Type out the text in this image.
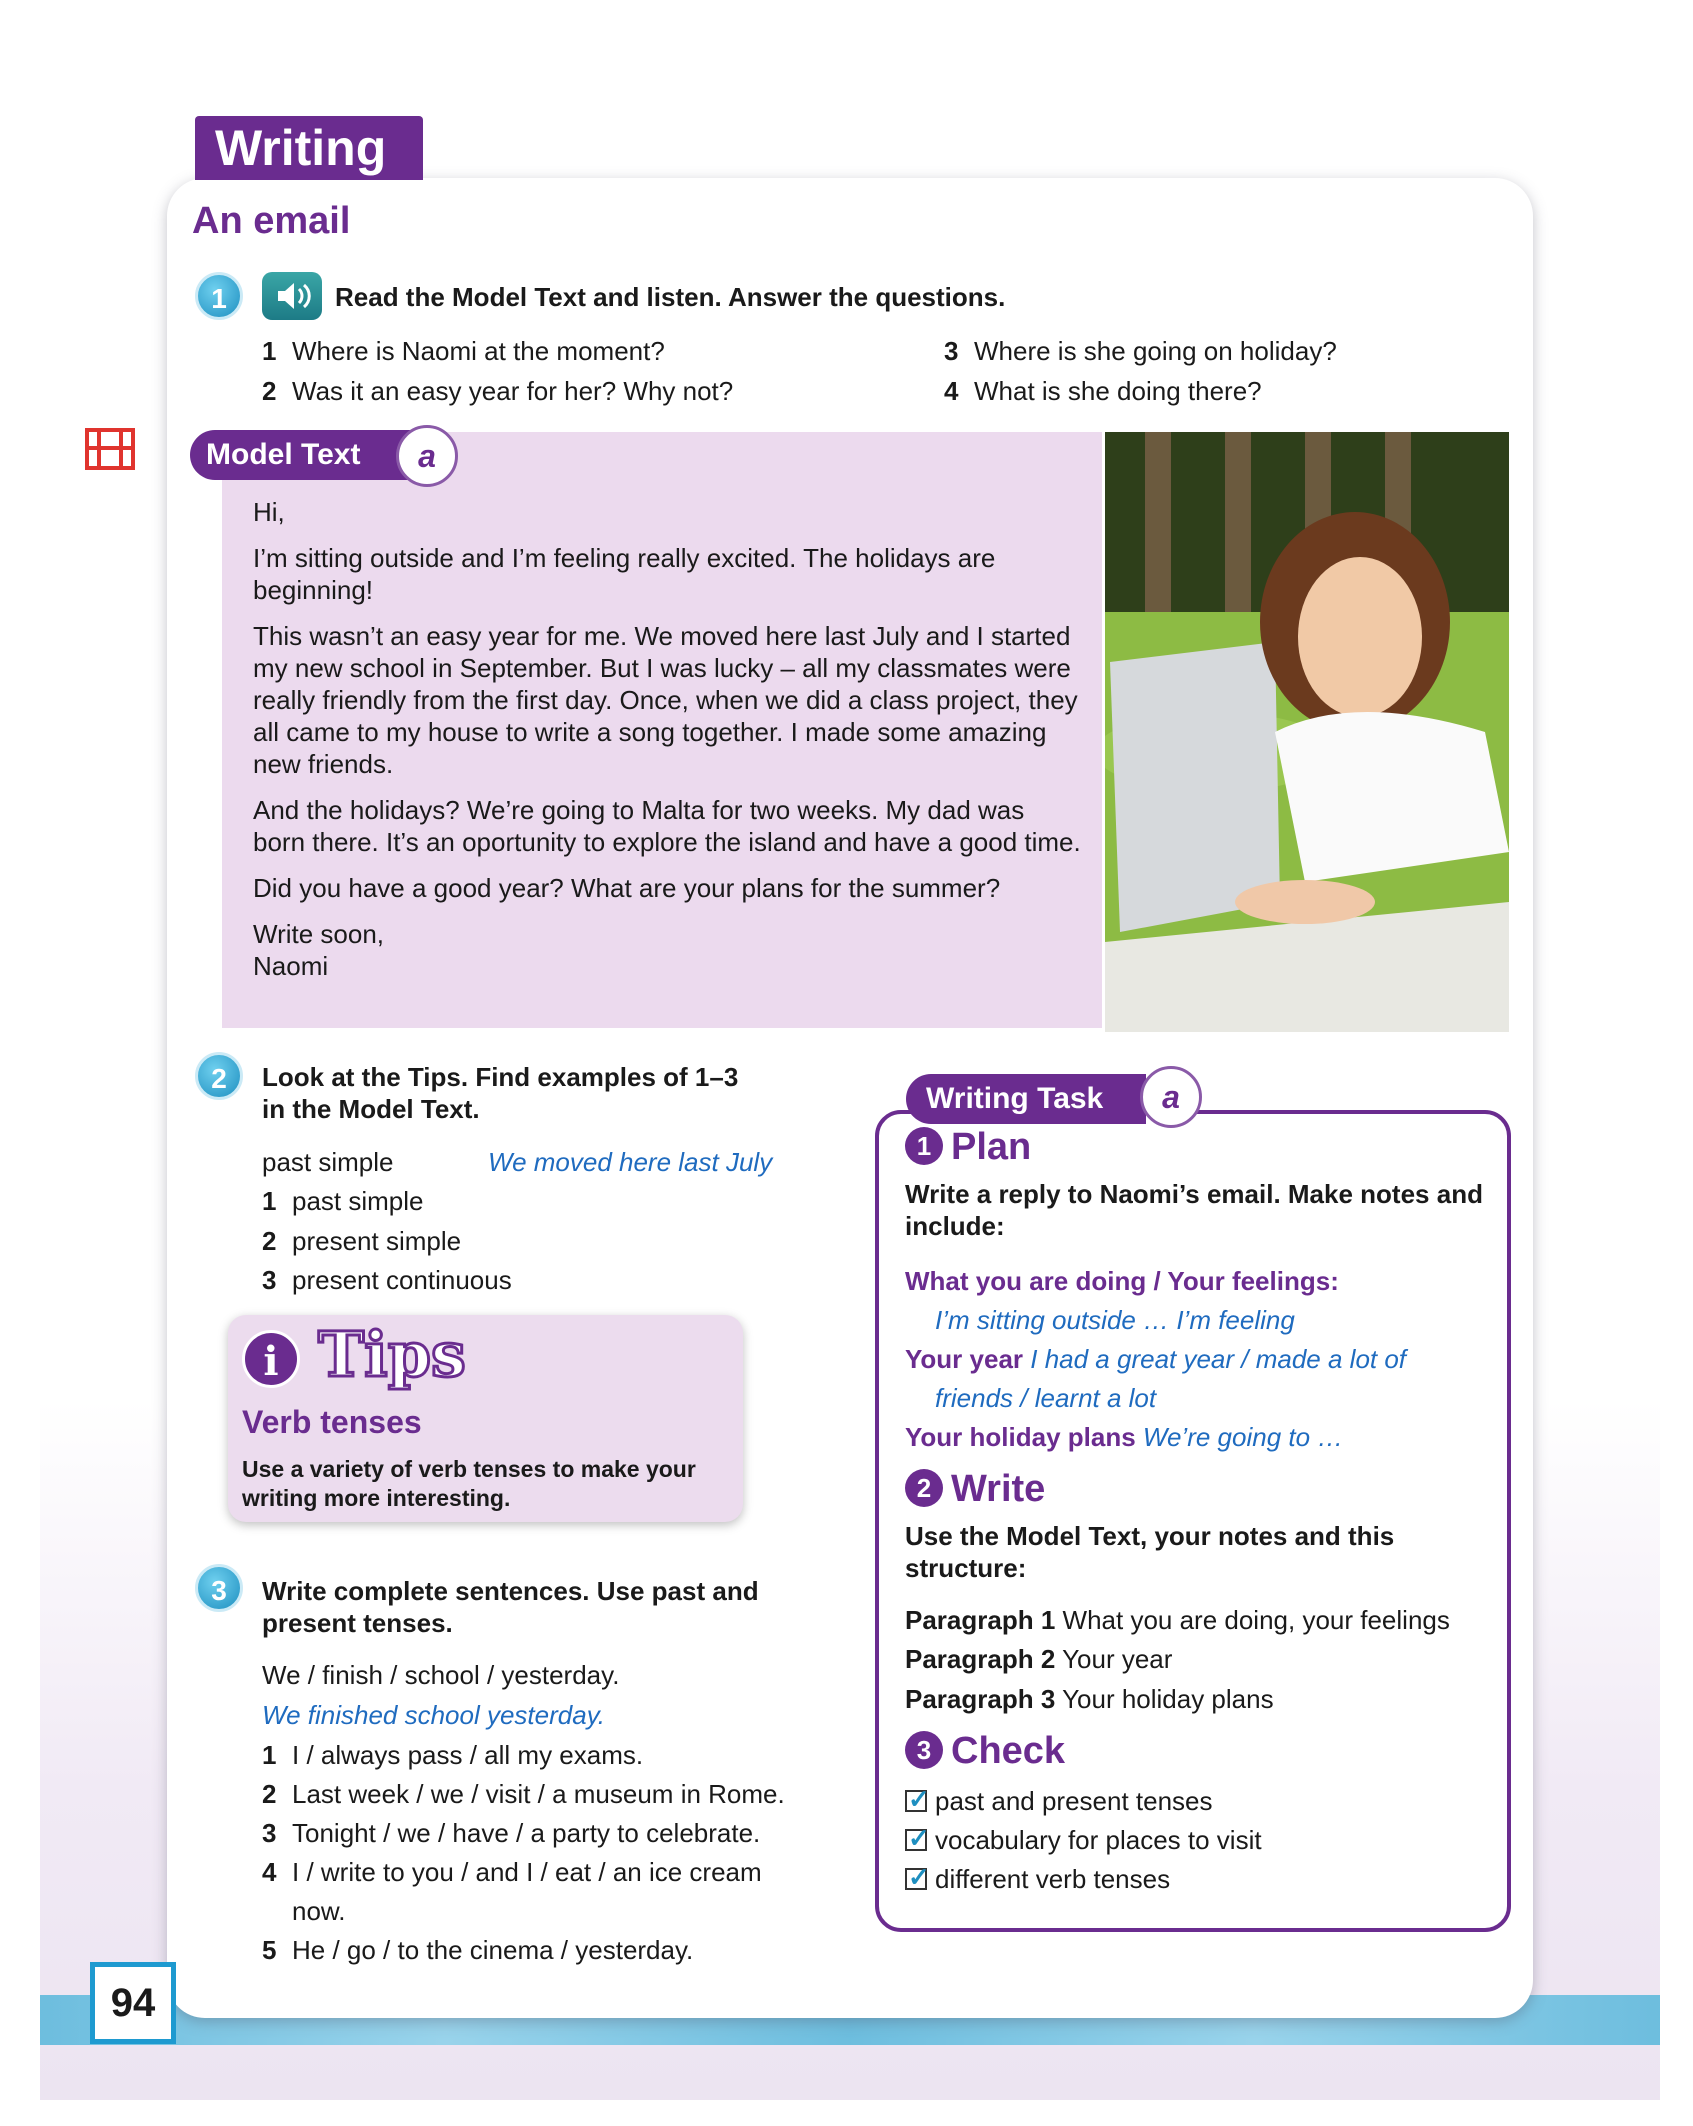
Writing
An email
1	Read the Model Text and listen. Answer the questions.
1 Where is Naomi at the moment?
2 Was it an easy year for her? Why not?
3 Where is she going on holiday?
4 What is she doing there?
Model Text	a

Hi,

I’m sitting outside and I’m feeling really excited. The holidays are beginning!

This wasn’t an easy year for me. We moved here last July and I started my new school in September. But I was lucky – all my classmates were really friendly from the first day. Once, when we did a class project, they all came to my house to write a song together. I made some amazing new friends.

And the holidays? We’re going to Malta for two weeks. My dad was born there. It’s an oportunity to explore the island and have a good time.

Did you have a good year? What are your plans for the summer?

Write soon,

Naomi

2	Look at the Tips. Find examples of 1–3
in the Model Text.
past simple	We moved here last July
1 past simple
2 present simple
3 present continuous
i Tips
Verb tenses
Use a variety of verb tenses to make your writing more interesting.
3	Write complete sentences. Use past and
present tenses.
We / finish / school / yesterday.
We finished school yesterday.
1 I / always pass / all my exams.
2 Last week / we / visit / a museum in Rome.
3 Tonight / we / have / a party to celebrate.
4 I / write to you / and I / eat / an ice cream
now.
5 He / go / to the cinema / yesterday.
Writing Task	a
1 Plan
Write a reply to Naomi’s email. Make notes and include:
What you are doing / Your feelings:
I’m sitting outside … I’m feeling
Your year I had a great year / made a lot of
friends / learnt a lot
Your holiday plans We’re going to …
2 Write
Use the Model Text, your notes and this structure:
Paragraph 1 What you are doing, your feelings
Paragraph 2 Your year
Paragraph 3 Your holiday plans
3 Check
✓past and present tenses
✓vocabulary for places to visit
✓different verb tenses
94
